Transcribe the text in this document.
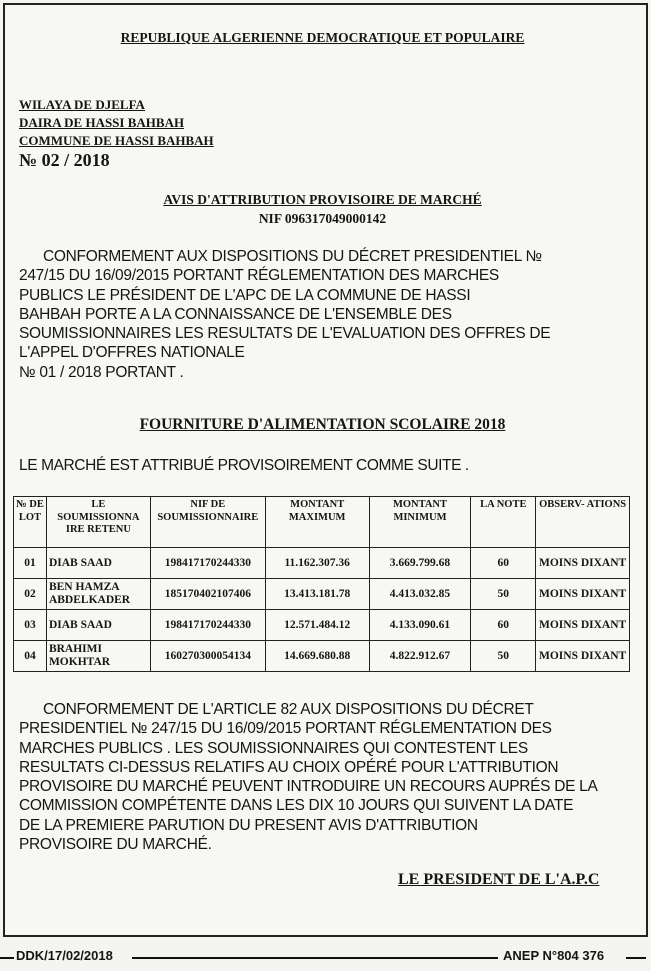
REPUBLIQUE ALGERIENNE DEMOCRATIQUE ET POPULAIRE
WILAYA DE DJELFA
DAIRA DE HASSI BAHBAH
COMMUNE DE HASSI BAHBAH
№ 02 / 2018
AVIS D'ATTRIBUTION PROVISOIRE DE MARCHÉ
NIF 096317049000142

CONFORMEMENT AUX DISPOSITIONS DU DÉCRET PRESIDENTIEL №
247/15 DU 16/09/2015 PORTANT RÉGLEMENTATION DES MARCHES
PUBLICS LE PRÉSIDENT DE L'APC DE LA COMMUNE DE HASSI
BAHBAH PORTE A LA CONNAISSANCE DE L'ENSEMBLE DES
SOUMISSIONNAIRES LES RESULTATS DE L'EVALUATION DES OFFRES DE
L'APPEL D'OFFRES NATIONALE
№ 01 / 2018 PORTANT .

FOURNITURE D'ALIMENTATION SCOLAIRE 2018
LE MARCHÉ EST ATTRIBUÉ PROVISOIREMENT COMME SUITE .
№ DE LOT	LE SOUMISSIONNA IRE RETENU	NIF DE SOUMISSIONNAIRE	MONTANT MAXIMUM	MONTANT MINIMUM	LA NOTE	OBSERV- ATIONS
01	DIAB SAAD	198417170244330	11.162.307.36	3.669.799.68	60	MOINS DIXANT
02	BEN HAMZA ABDELKADER	185170402107406	13.413.181.78	4.413.032.85	50	MOINS DIXANT
03	DIAB SAAD	198417170244330	12.571.484.12	4.133.090.61	60	MOINS DIXANT
04	BRAHIMI MOKHTAR	160270300054134	14.669.680.88	4.822.912.67	50	MOINS DIXANT

CONFORMEMENT DE L'ARTICLE 82 AUX DISPOSITIONS DU DÉCRET
PRESIDENTIEL № 247/15 DU 16/09/2015 PORTANT RÉGLEMENTATION DES
MARCHES PUBLICS . LES SOUMISSIONNAIRES QUI CONTESTENT LES
RESULTATS CI-DESSUS RELATIFS AU CHOIX OPÉRÉ POUR L'ATTRIBUTION
PROVISOIRE DU MARCHÉ PEUVENT INTRODUIRE UN RECOURS AUPRÉS DE LA
COMMISSION COMPÉTENTE DANS LES DIX 10 JOURS QUI SUIVENT LA DATE
DE LA PREMIERE PARUTION DU PRESENT AVIS D'ATTRIBUTION
PROVISOIRE DU MARCHÉ.

LE PRESIDENT DE L'A.P.C
DDK/17/02/2018	ANEP N°804 376
